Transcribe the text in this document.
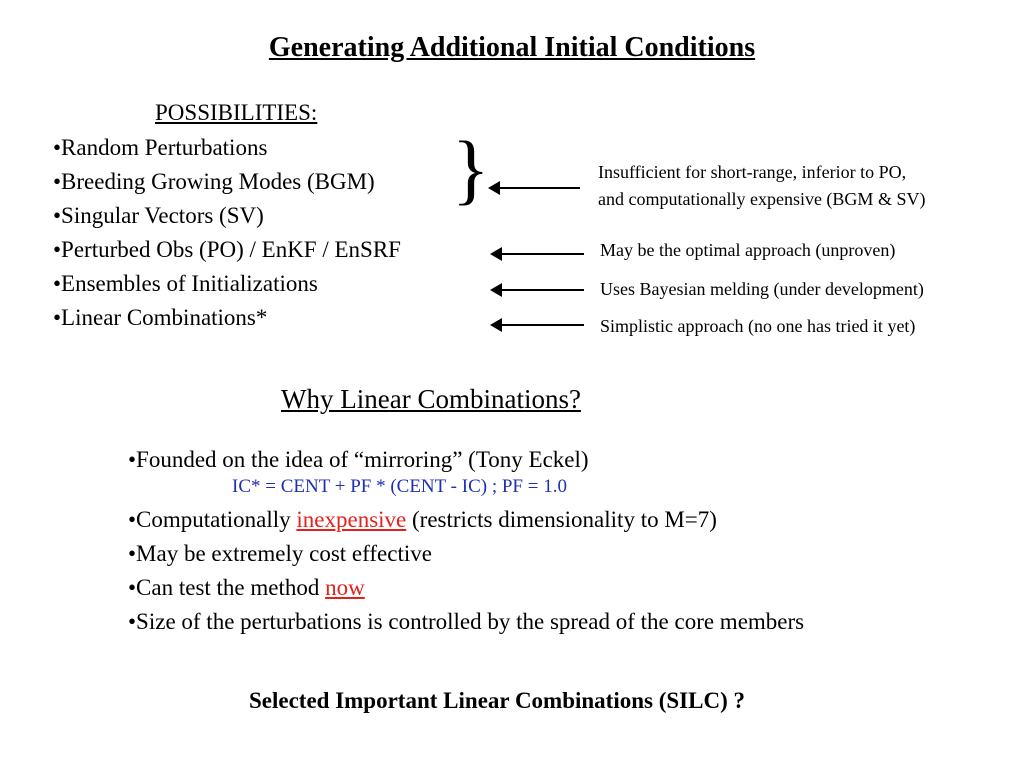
Generating Additional Initial Conditions
POSSIBILITIES:
•Random Perturbations
•Breeding Growing Modes (BGM)
•Singular Vectors (SV)
•Perturbed Obs (PO) / EnKF / EnSRF
•Ensembles of Initializations
•Linear Combinations*
}	Insufficient for short-range, inferior to PO,
and computationally expensive (BGM & SV)
May be the optimal approach (unproven)
Uses Bayesian melding (under development)
Simplistic approach (no one has tried it yet)
Why Linear Combinations?
•Founded on the idea of “mirroring” (Tony Eckel)
IC* = CENT + PF * (CENT - IC) ; PF = 1.0
•Computationally inexpensive (restricts dimensionality to M=7)
•May be extremely cost effective
•Can test the method now
•Size of the perturbations is controlled by the spread of the core members
Selected Important Linear Combinations (SILC) ?
